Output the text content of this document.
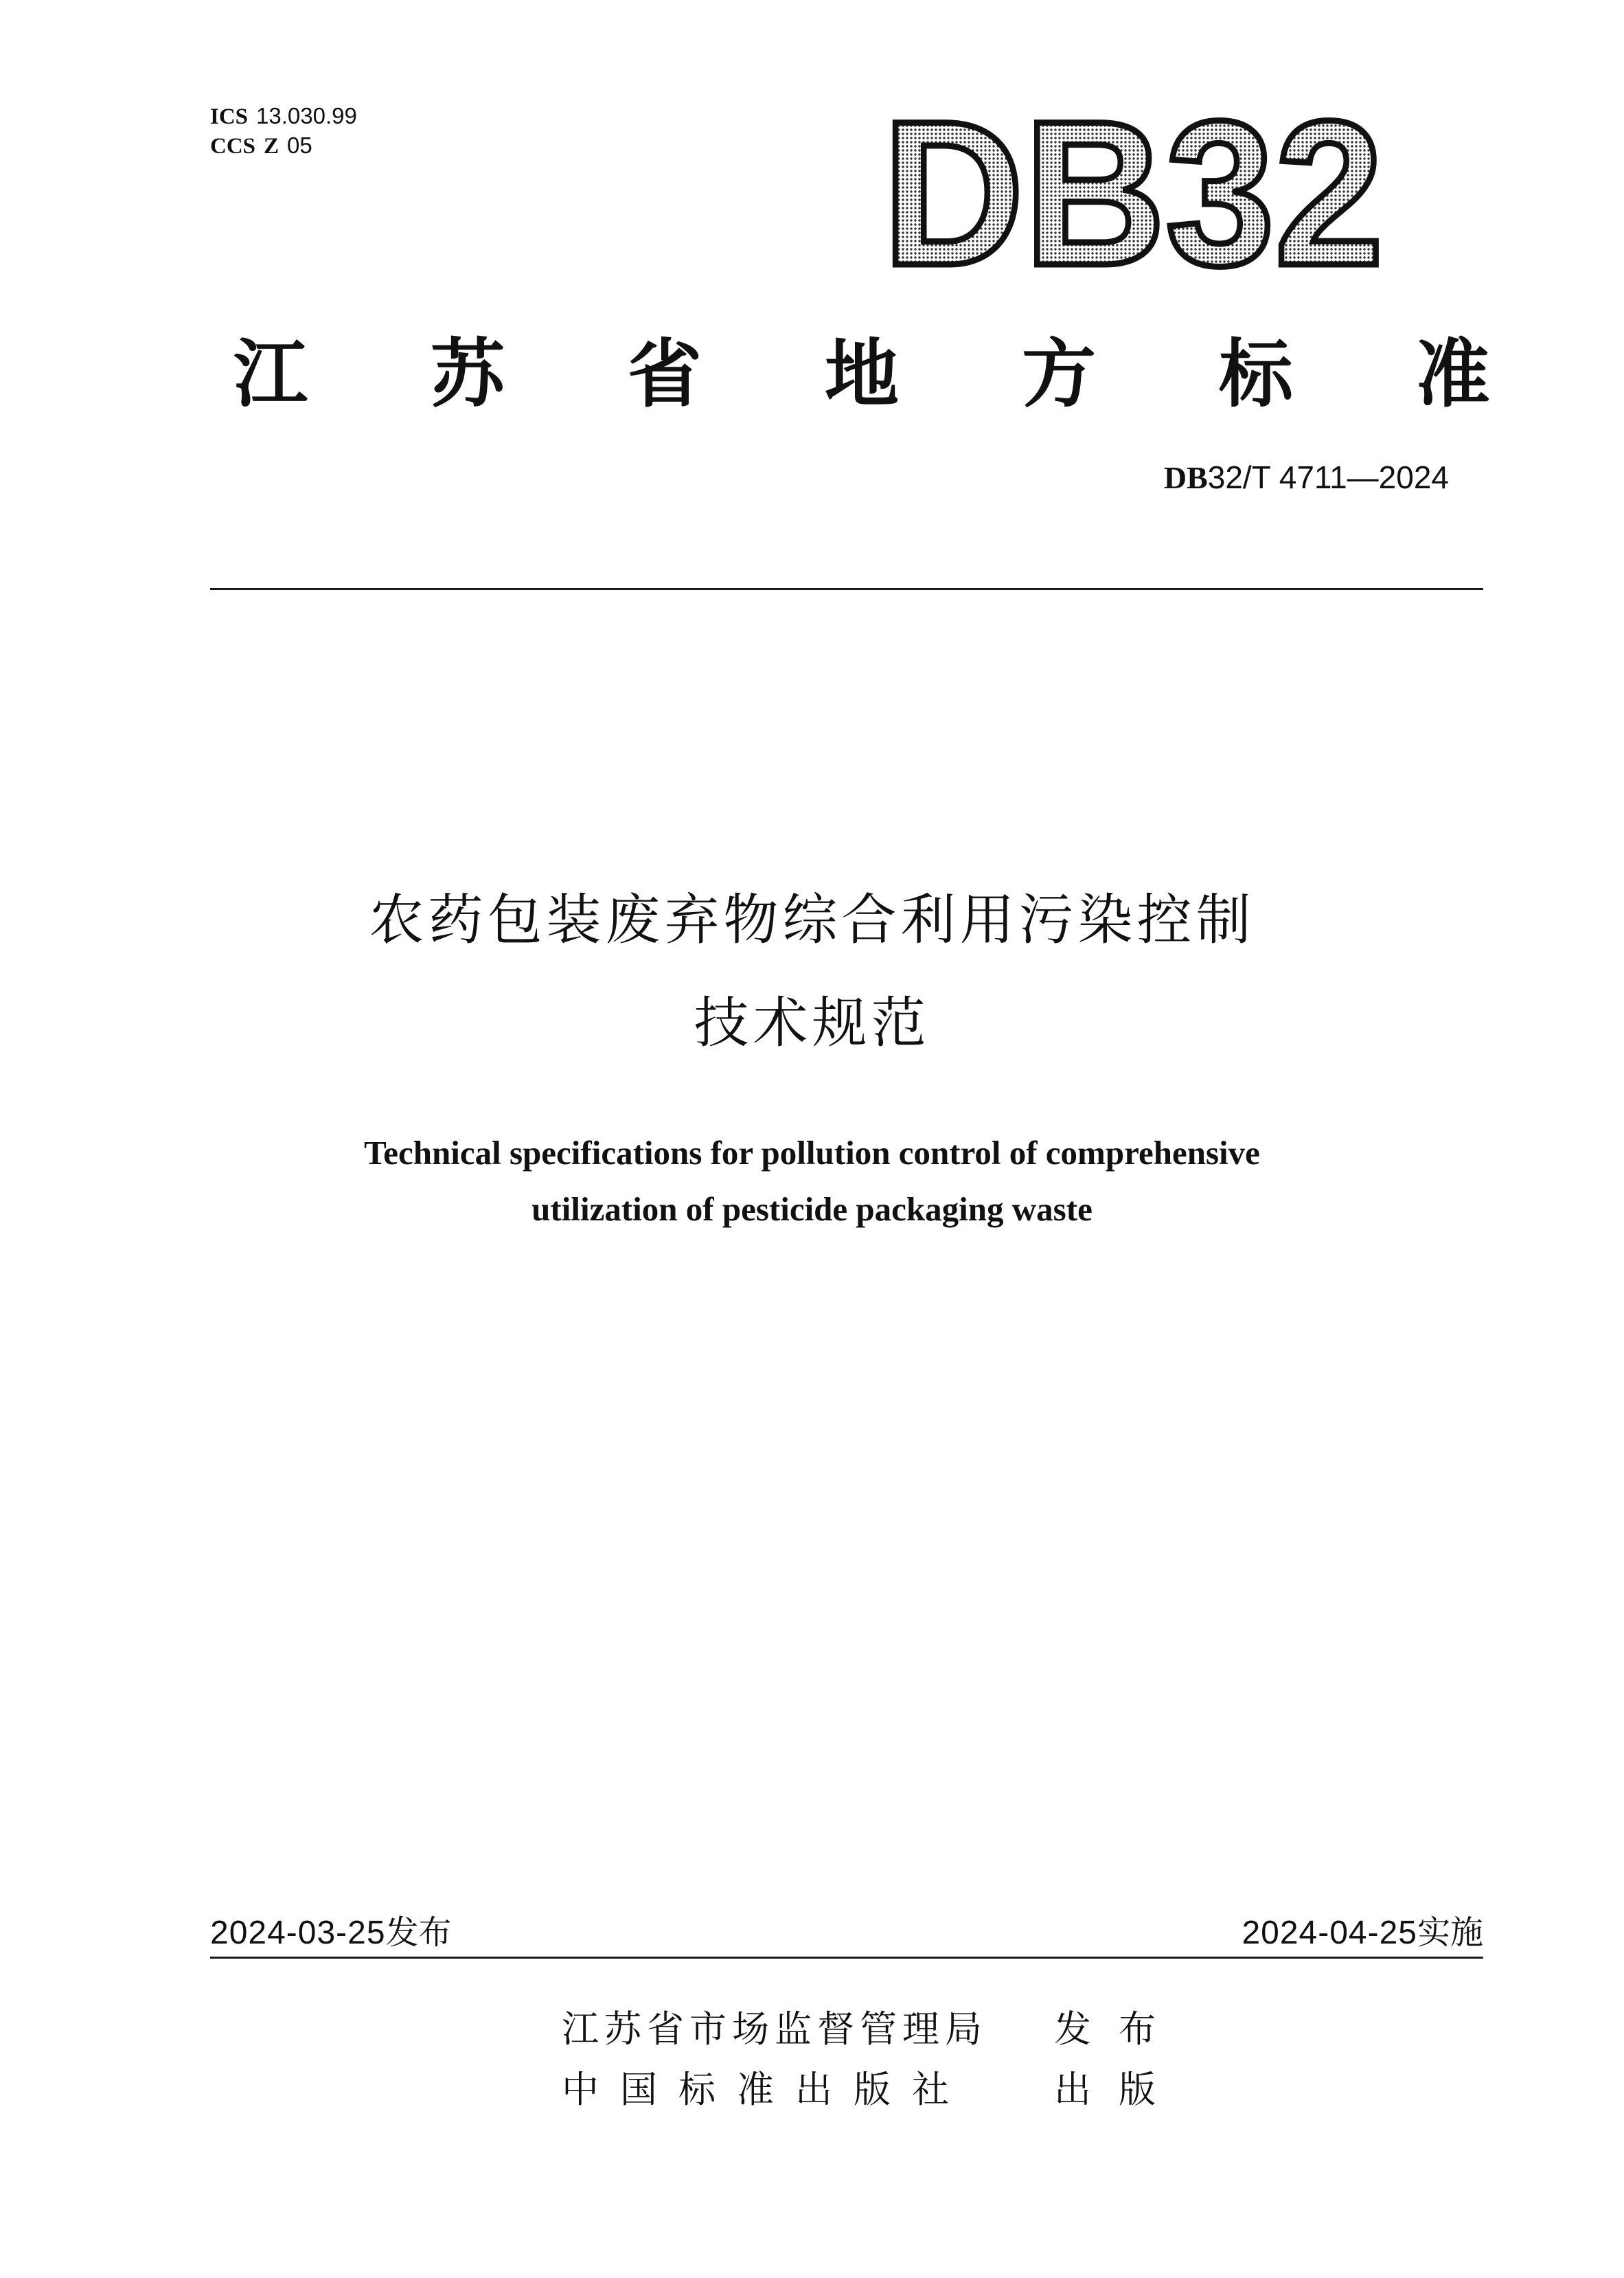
ICS 13.030.99
CCS Z 05	DB32
江 苏 省 地 方 标 准
DB32/T 4711—2024
农药包装废弃物综合利用污染控制
技术规范
Technical specifications for pollution control of comprehensive
utilization of pesticide packaging waste
2024-03-25发布	2024-04-25实施
江苏省市场监督管理局 发布
中国标准出版社 出版
